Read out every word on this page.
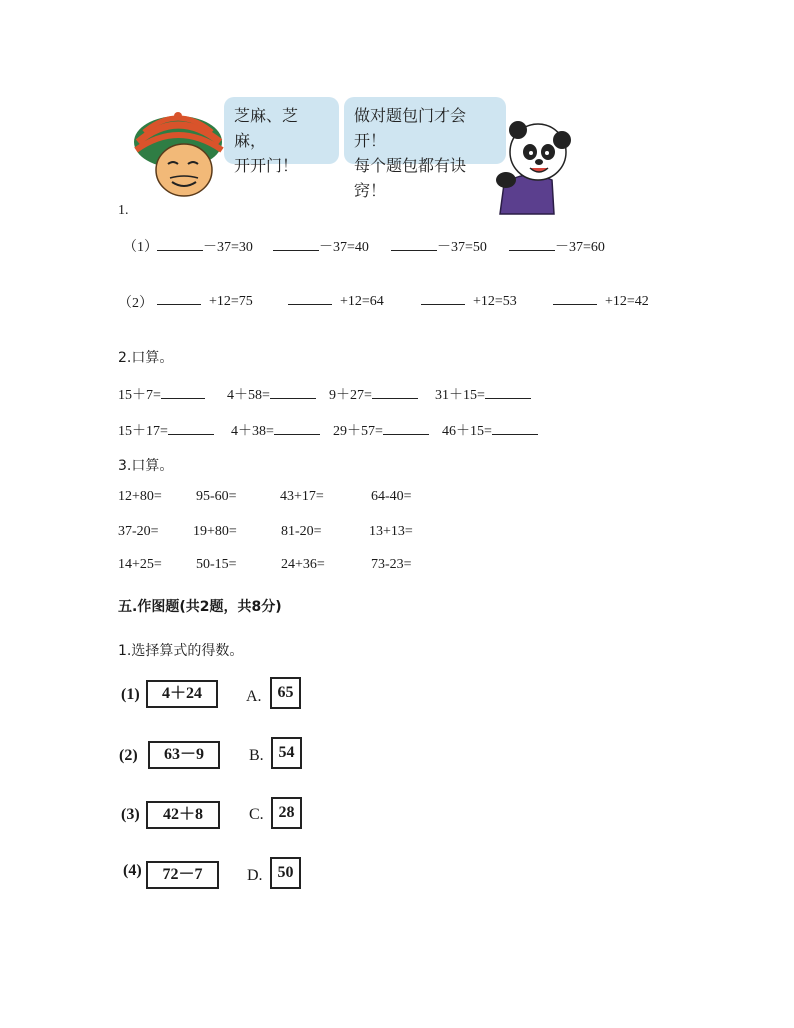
芝麻、芝麻，
开开门！
做对题包门才会开！
每个题包都有诀窍！
1.
（1）	－37=30	－37=40	－37=50	－37=60
（2）	+12=75	+12=64	+12=53	+12=42
2.口算。
15＋7=	4＋58=	9＋27=	31＋15=
15＋17=	4＋38=	29＋57=	46＋15=
3.口算。
12+80= 95-60=	43+17=	64-40=
37-20= 19+80=	81-20=	13+13=
14+25= 50-15=	24+36=	73-23=
五.作图题(共2题，共8分)
1.选择算式的得数。
(1)	4＋24	A. 65
(2)	63－9	B. 54
(3)	42＋8	C. 28
(4)	72－7	D. 50
